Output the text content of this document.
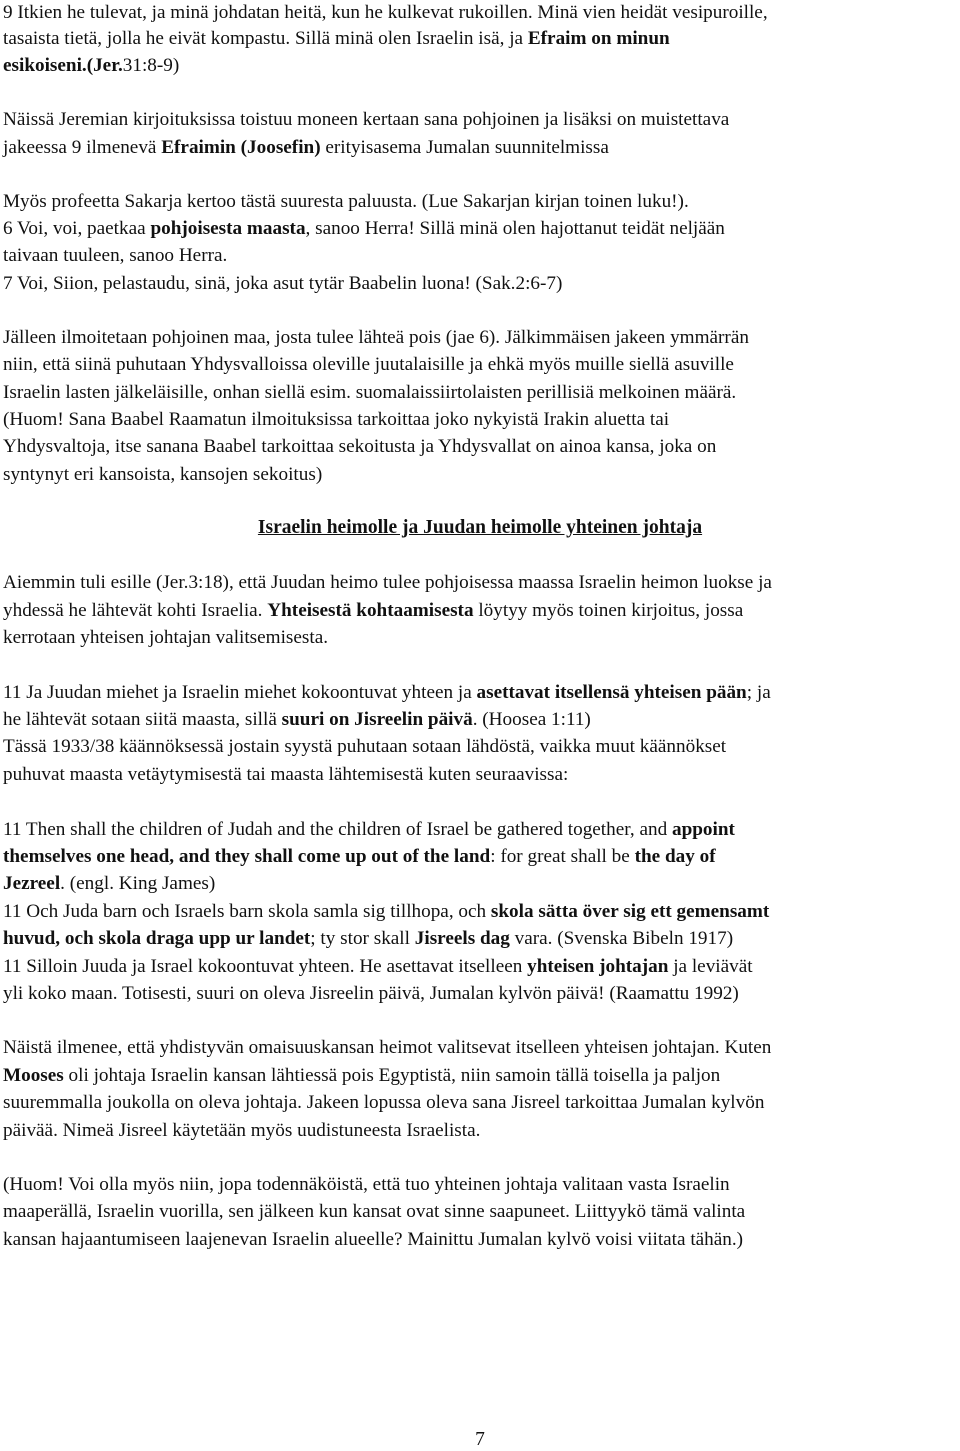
9 Itkien he tulevat, ja minä johdatan heitä, kun he kulkevat rukoillen. Minä vien heidät vesipuroille,
tasaista tietä, jolla he eivät kompastu. Sillä minä olen Israelin isä, ja Efraim on minun
esikoiseni.(Jer.31:8-9)
Näissä Jeremian kirjoituksissa toistuu moneen kertaan sana pohjoinen ja lisäksi on muistettava
jakeessa 9 ilmenevä Efraimin (Joosefin) erityisasema Jumalan suunnitelmissa
Myös profeetta Sakarja kertoo tästä suuresta paluusta. (Lue Sakarjan kirjan toinen luku!).
6 Voi, voi, paetkaa pohjoisesta maasta, sanoo Herra! Sillä minä olen hajottanut teidät neljään
taivaan tuuleen, sanoo Herra.
7 Voi, Siion, pelastaudu, sinä, joka asut tytär Baabelin luona! (Sak.2:6-7)
Jälleen ilmoitetaan pohjoinen maa, josta tulee lähteä pois (jae 6). Jälkimmäisen jakeen ymmärrän
niin, että siinä puhutaan Yhdysvalloissa oleville juutalaisille ja ehkä myös muille siellä asuville
Israelin lasten jälkeläisille, onhan siellä esim. suomalaissiirtolaisten perillisiä melkoinen määrä.
(Huom! Sana Baabel Raamatun ilmoituksissa tarkoittaa joko nykyistä Irakin aluetta tai
Yhdysvaltoja, itse sanana Baabel tarkoittaa sekoitusta ja Yhdysvallat on ainoa kansa, joka on
syntynyt eri kansoista, kansojen sekoitus)
Aiemmin tuli esille (Jer.3:18), että Juudan heimo tulee pohjoisessa maassa Israelin heimon luokse ja
yhdessä he lähtevät kohti Israelia. Yhteisestä kohtaamisesta löytyy myös toinen kirjoitus, jossa
kerrotaan yhteisen johtajan valitsemisesta.
11 Ja Juudan miehet ja Israelin miehet kokoontuvat yhteen ja asettavat itsellensä yhteisen pään; ja
he lähtevät sotaan siitä maasta, sillä suuri on Jisreelin päivä. (Hoosea 1:11)
Tässä 1933/38 käännöksessä jostain syystä puhutaan sotaan lähdöstä, vaikka muut käännökset
puhuvat maasta vetäytymisestä tai maasta lähtemisestä kuten seuraavissa:
11 Then shall the children of Judah and the children of Israel be gathered together, and appoint
themselves one head, and they shall come up out of the land: for great shall be the day of
Jezreel. (engl. King James)
11 Och Juda barn och Israels barn skola samla sig tillhopa, och skola sätta över sig ett gemensamt
huvud, och skola draga upp ur landet; ty stor skall Jisreels dag vara. (Svenska Bibeln 1917)
11 Silloin Juuda ja Israel kokoontuvat yhteen. He asettavat itselleen yhteisen johtajan ja leviävät
yli koko maan. Totisesti, suuri on oleva Jisreelin päivä, Jumalan kylvön päivä! (Raamattu 1992)
Näistä ilmenee, että yhdistyvän omaisuuskansan heimot valitsevat itselleen yhteisen johtajan. Kuten
Mooses oli johtaja Israelin kansan lähtiessä pois Egyptistä, niin samoin tällä toisella ja paljon
suuremmalla joukolla on oleva johtaja. Jakeen lopussa oleva sana Jisreel tarkoittaa Jumalan kylvön
päivää. Nimeä Jisreel käytetään myös uudistuneesta Israelista.
(Huom! Voi olla myös niin, jopa todennäköistä, että tuo yhteinen johtaja valitaan vasta Israelin
maaperällä, Israelin vuorilla, sen jälkeen kun kansat ovat sinne saapuneet. Liittyykö tämä valinta
kansan hajaantumiseen laajenevan Israelin alueelle? Mainittu Jumalan kylvö voisi viitata tähän.)
Israelin heimolle ja Juudan heimolle yhteinen johtaja
7
